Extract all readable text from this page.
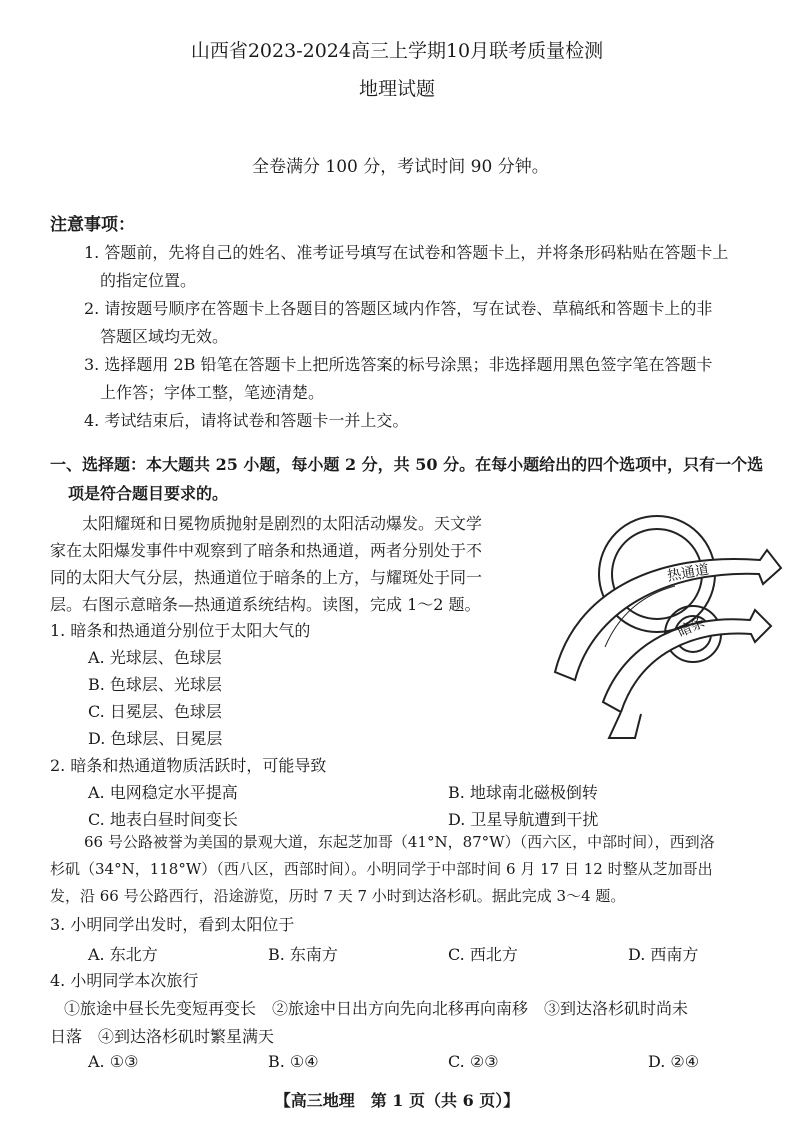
山西省2023-2024高三上学期10月联考质量检测
地理试题
全卷满分 100 分，考试时间 90 分钟。
注意事项：
1. 答题前，先将自己的姓名、准考证号填写在试卷和答题卡上，并将条形码粘贴在答题卡上
的指定位置。
2. 请按题号顺序在答题卡上各题目的答题区域内作答，写在试卷、草稿纸和答题卡上的非
答题区域均无效。
3. 选择题用 2B 铅笔在答题卡上把所选答案的标号涂黑；非选择题用黑色签字笔在答题卡
上作答；字体工整，笔迹清楚。
4. 考试结束后，请将试卷和答题卡一并上交。
一、选择题：本大题共 25 小题，每小题 2 分，共 50 分。在每小题给出的四个选项中，只有一个选
项是符合题目要求的。
太阳耀斑和日冕物质抛射是剧烈的太阳活动爆发。天文学
家在太阳爆发事件中观察到了暗条和热通道，两者分别处于不
同的太阳大气分层，热通道位于暗条的上方，与耀斑处于同一
层。右图示意暗条—热通道系统结构。读图，完成 1～2 题。
热通道
暗条
1. 暗条和热通道分别位于太阳大气的
A. 光球层、色球层
B. 色球层、光球层
C. 日冕层、色球层
D. 色球层、日冕层
2. 暗条和热通道物质活跃时，可能导致
A. 电网稳定水平提高	B. 地球南北磁极倒转
C. 地表白昼时间变长	D. 卫星导航遭到干扰
66 号公路被誉为美国的景观大道，东起芝加哥（41°N，87°W）（西六区，中部时间），西到洛
杉矶（34°N，118°W）（西八区，西部时间）。小明同学于中部时间 6 月 17 日 12 时整从芝加哥出
发，沿 66 号公路西行，沿途游览，历时 7 天 7 小时到达洛杉矶。据此完成 3～4 题。
3. 小明同学出发时，看到太阳位于
A. 东北方	B. 东南方	C. 西北方	D. 西南方
4. 小明同学本次旅行
①旅途中昼长先变短再变长　②旅途中日出方向先向北移再向南移　③到达洛杉矶时尚未
日落　④到达洛杉矶时繁星满天
A. ①③	B. ①④	C. ②③	D. ②④
【高三地理　第 1 页（共 6 页）】
